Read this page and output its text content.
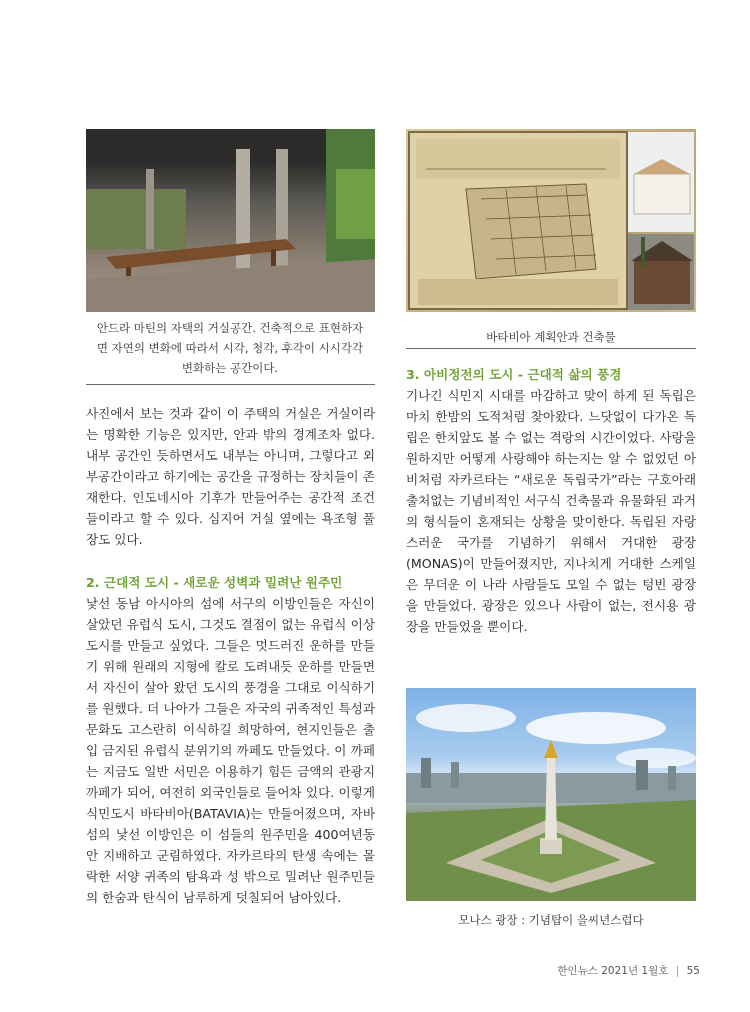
안드라 마틴의 자택의 거실공간. 건축적으로 표현하자
면 자연의 변화에 따라서 시각, 청각, 후각이 시시각각
변화하는 공간이다.

사진에서 보는 것과 같이 이 주택의 거실은 거실이라는 명확한 기능은 있지만, 안과 밖의 경계조차 없다. 내부 공간인 듯하면서도 내부는 아니며, 그렇다고 외부공간이라고 하기에는 공간을 규정하는 장치들이 존재한다. 인도네시아 기후가 만들어주는 공간적 조건들이라고 할 수 있다. 심지어 거실 옆에는 욕조형 풀장도 있다.

2. 근대적 도시 - 새로운 성벽과 밀려난 원주민

낯선 동남 아시아의 섬에 서구의 이방인들은 자신이 살았던 유럽식 도시, 그것도 결점이 없는 유럽식 이상도시를 만들고 싶었다. 그들은 멋드러진 운하를 만들기 위해 원래의 지형에 칼로 도려내듯 운하를 만들면서 자신이 살아 왔던 도시의 풍경을 그대로 이식하기를 원했다. 더 나아가 그들은 자국의 귀족적인 특성과 문화도 고스란히 이식하길 희망하여, 현지인들은 출입 금지된 유럽식 분위기의 까페도 만들었다. 이 까페는 지금도 일반 서민은 이용하기 힘든 금액의 관광지 까페가 되어, 여전히 외국인들로 들어차 있다. 이렇게 식민도시 바타비아(BATAVIA)는 만들어졌으며, 자바섬의 낯선 이방인은 이 섬들의 원주민을 400여년동안 지배하고 군림하였다. 자카르타의 탄생 속에는 몰락한 서양 귀족의 탐욕과 성 밖으로 밀려난 원주민들의 한숨과 탄식이 남루하게 덧칠되어 남아있다.

바타비아 계획안과 건축물

3. 아비정전의 도시 - 근대적 삶의 풍경

기나긴 식민지 시대를 마감하고 맞이 하게 된 독립은 마치 한밤의 도적처럼 찾아왔다. 느닷없이 다가온 독립은 한치앞도 볼 수 없는 격랑의 시간이었다. 사랑을 원하지만 어떻게 사랑해야 하는지는 알 수 없었던 아비처럼 자카르타는 “새로운 독립국가”라는 구호아래 출처없는 기념비적인 서구식 건축물과 유물화된 과거의 형식들이 혼재되는 상황을 맞이한다. 독립된 자랑스러운 국가를 기념하기 위해서 거대한 광장(MONAS)이 만들어졌지만, 지나치게 거대한 스케일은 무더운 이 나라 사람들도 모일 수 없는 텅빈 광장을 만들었다. 광장은 있으나 사람이 없는, 전시용 광장을 만들었을 뿐이다.

모나스 광장 : 기념탑이 을씨년스럽다
한인뉴스 2021년 1월호 | 55
